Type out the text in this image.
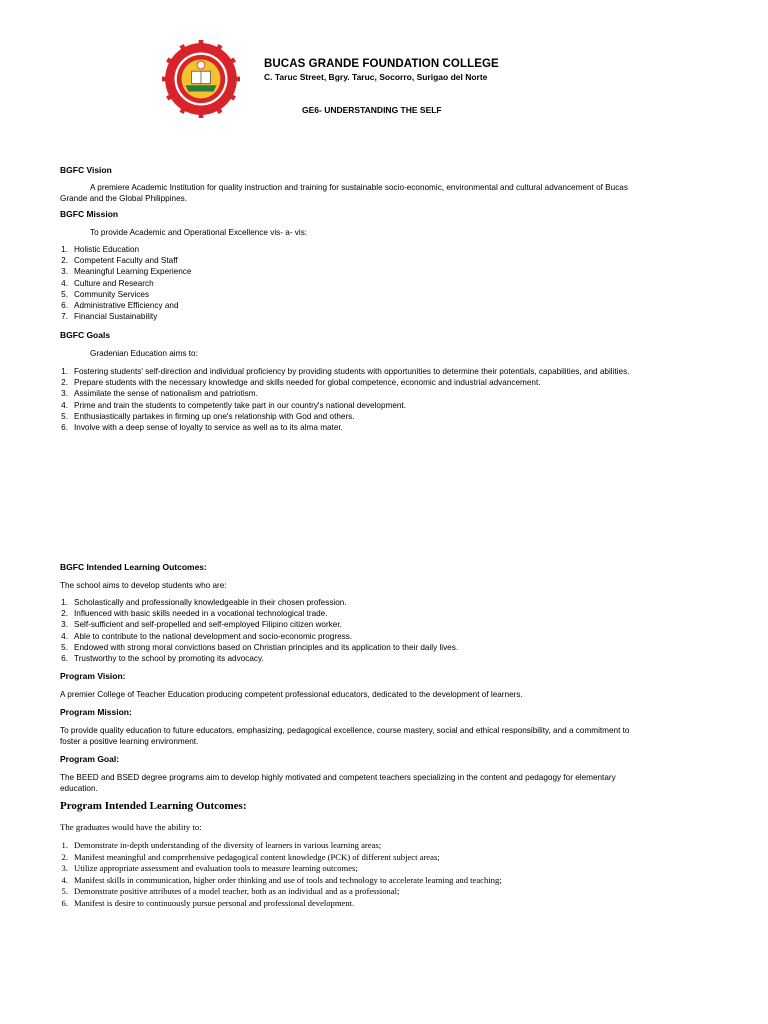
BUCAS GRANDE FOUNDATION COLLEGE
C. Taruc Street, Bgry. Taruc, Socorro, Surigao del Norte
GE6- UNDERSTANDING THE SELF
BGFC Vision
A premiere Academic Institution for quality instruction and training for sustainable socio-economic, environmental and cultural advancement of Bucas
Grande and the Global Philippines.
BGFC Mission
To provide Academic and Operational Excellence vis- a- vis:
1. Holistic Education
2. Competent Faculty and Staff
3. Meaningful Learning Experience
4. Culture and Research
5. Community Services
6. Administrative Efficiency and
7. Financial Sustainability
BGFC Goals
Gradenian Education aims to:
1. Fostering students' self-direction and individual proficiency by providing students with opportunities to determine their potentials, capabilities, and abilities.
2. Prepare students with the necessary knowledge and skills needed for global competence, economic and industrial advancement.
3. Assimilate the sense of nationalism and patriotism.
4. Prime and train the students to competently take part in our country's national development.
5. Enthusiastically partakes in firming up one's relationship with God and others.
6. Involve with a deep sense of loyalty to service as well as to its alma mater.
BGFC Intended Learning Outcomes:
The school aims to develop students who are:
1. Scholastically and professionally knowledgeable in their chosen profession.
2. Influenced with basic skills needed in a vocational technological trade.
3. Self-sufficient and self-propelled and self-employed Filipino citizen worker.
4. Able to contribute to the national development and socio-economic progress.
5. Endowed with strong moral convictions based on Christian principles and its application to their daily lives.
6. Trustworthy to the school by promoting its advocacy.
Program Vision:
A premier College of Teacher Education producing competent professional educators, dedicated to the development of learners.
Program Mission:
To provide quality education to future educators, emphasizing, pedagogical excellence, course mastery, social and ethical responsibility, and a commitment to
foster a positive learning environment.
Program Goal:
The BEED and BSED degree programs aim to develop highly motivated and competent teachers specializing in the content and pedagogy for elementary
education.
Program Intended Learning Outcomes:
The graduates would have the ability to:
1. Demonstrate in-depth understanding of the diversity of learners in various learning areas;
2. Manifest meaningful and comprehensive pedagogical content knowledge (PCK) of different subject areas;
3. Utilize appropriate assessment and evaluation tools to measure learning outcomes;
4. Manifest skills in communication, higher order thinking and use of tools and technology to accelerate learning and teaching;
5. Demonstrate positive attributes of a model teacher, both as an individual and as a professional;
6. Manifest is desire to continuously pursue personal and professional development.
